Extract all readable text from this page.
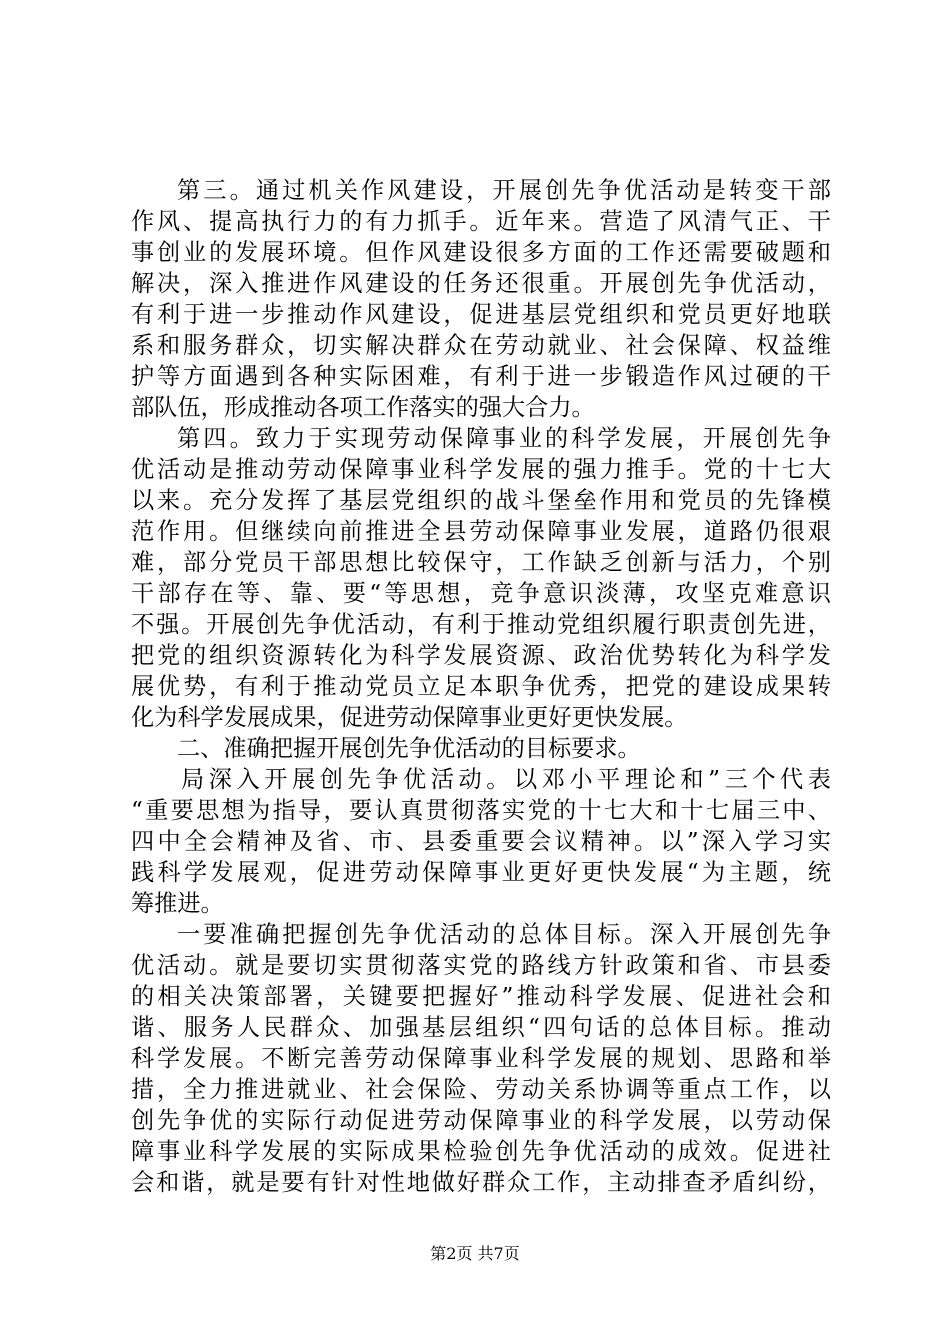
第三。通过机关作风建设，开展创先争优活动是转变干部
作风、提高执行力的有力抓手。近年来。营造了风清气正、干
事创业的发展环境。但作风建设很多方面的工作还需要破题和
解决，深入推进作风建设的任务还很重。开展创先争优活动，
有利于进一步推动作风建设，促进基层党组织和党员更好地联
系和服务群众，切实解决群众在劳动就业、社会保障、权益维
护等方面遇到各种实际困难，有利于进一步锻造作风过硬的干
部队伍，形成推动各项工作落实的强大合力。
第四。致力于实现劳动保障事业的科学发展，开展创先争
优活动是推动劳动保障事业科学发展的强力推手。党的十七大
以来。充分发挥了基层党组织的战斗堡垒作用和党员的先锋模
范作用。但继续向前推进全县劳动保障事业发展，道路仍很艰
难，部分党员干部思想比较保守，工作缺乏创新与活力，个别
干部存在等、靠、要“等思想，竞争意识淡薄，攻坚克难意识
不强。开展创先争优活动，有利于推动党组织履行职责创先进，
把党的组织资源转化为科学发展资源、政治优势转化为科学发
展优势，有利于推动党员立足本职争优秀，把党的建设成果转
化为科学发展成果，促进劳动保障事业更好更快发展。
二、准确把握开展创先争优活动的目标要求。
局深入开展创先争优活动。以邓小平理论和”三个代表
“重要思想为指导，要认真贯彻落实党的十七大和十七届三中、
四中全会精神及省、市、县委重要会议精神。以”深入学习实
践科学发展观，促进劳动保障事业更好更快发展“为主题，统
筹推进。
一要准确把握创先争优活动的总体目标。深入开展创先争
优活动。就是要切实贯彻落实党的路线方针政策和省、市县委
的相关决策部署，关键要把握好”推动科学发展、促进社会和
谐、服务人民群众、加强基层组织“四句话的总体目标。推动
科学发展。不断完善劳动保障事业科学发展的规划、思路和举
措，全力推进就业、社会保险、劳动关系协调等重点工作，以
创先争优的实际行动促进劳动保障事业的科学发展，以劳动保
障事业科学发展的实际成果检验创先争优活动的成效。促进社
会和谐，就是要有针对性地做好群众工作，主动排查矛盾纠纷，
第2页 共7页
